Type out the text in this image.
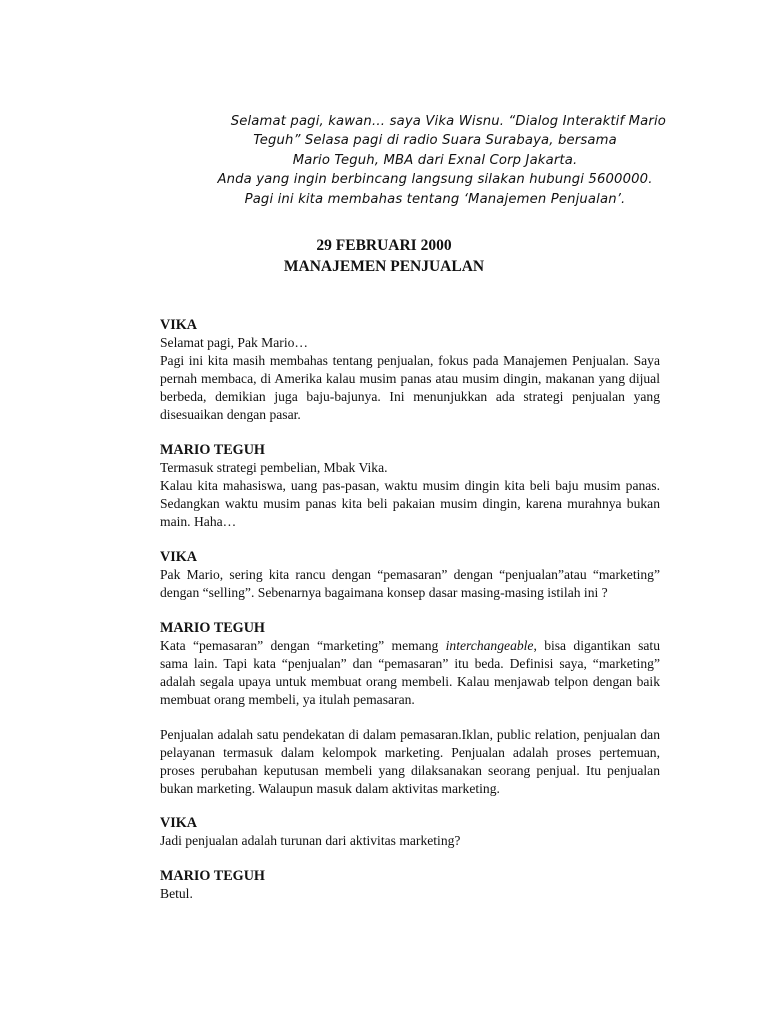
Selamat pagi, kawan… saya Vika Wisnu. “Dialog Interaktif Mario
Teguh” Selasa pagi di radio Suara Surabaya, bersama
Mario Teguh, MBA dari Exnal Corp Jakarta.
Anda yang ingin berbincang langsung silakan hubungi 5600000.
Pagi ini kita membahas tentang ‘Manajemen Penjualan’.
29 FEBRUARI 2000
MANAJEMEN PENJUALAN

VIKA

Selamat pagi, Pak Mario…

Pagi ini kita masih membahas tentang penjualan, fokus pada Manajemen Penjualan. Saya pernah membaca, di Amerika kalau musim panas atau musim dingin, makanan yang dijual berbeda, demikian juga baju-bajunya. Ini menunjukkan ada strategi penjualan yang disesuaikan dengan pasar.

MARIO TEGUH

Termasuk strategi pembelian, Mbak Vika.

Kalau kita mahasiswa, uang pas-pasan, waktu musim dingin kita beli baju musim panas. Sedangkan waktu musim panas kita beli pakaian musim dingin, karena murahnya bukan main. Haha…

VIKA

Pak Mario, sering kita rancu dengan “pemasaran” dengan “penjualan”atau “marketing” dengan “selling”. Sebenarnya bagaimana konsep dasar masing-masing istilah ini ?

MARIO TEGUH

Kata “pemasaran” dengan “marketing” memang interchangeable, bisa digantikan satu sama lain. Tapi kata “penjualan” dan “pemasaran” itu beda. Definisi saya, “marketing” adalah segala upaya untuk membuat orang membeli. Kalau menjawab telpon dengan baik membuat orang membeli, ya itulah pemasaran.

Penjualan adalah satu pendekatan di dalam pemasaran.Iklan, public relation, penjualan dan pelayanan termasuk dalam kelompok marketing. Penjualan adalah proses pertemuan, proses perubahan keputusan membeli yang dilaksanakan seorang penjual. Itu penjualan bukan marketing. Walaupun masuk dalam aktivitas marketing.

VIKA

Jadi penjualan adalah turunan dari aktivitas marketing?

MARIO TEGUH

Betul.
